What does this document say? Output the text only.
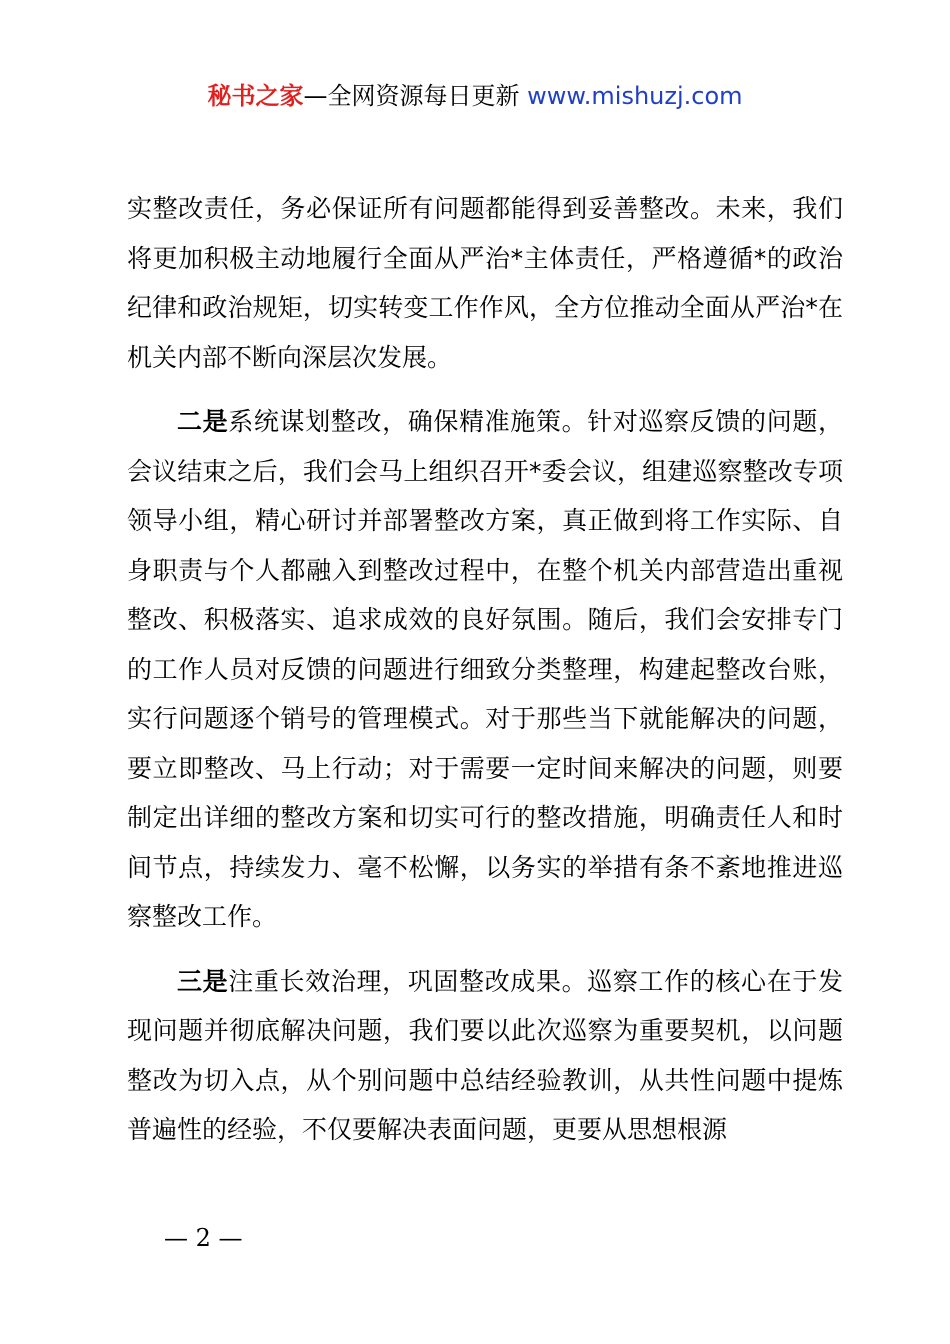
秘书之家—全网资源每日更新 www.mishuzj.com

实整改责任，务必保证所有问题都能得到妥善整改。未来，我们将更加积极主动地履行全面从严治*主体责任，严格遵循*的政治纪律和政治规矩，切实转变工作作风，全方位推动全面从严治*在机关内部不断向深层次发展。

二是系统谋划整改，确保精准施策。针对巡察反馈的问题，会议结束之后，我们会马上组织召开*委会议，组建巡察整改专项领导小组，精心研讨并部署整改方案，真正做到将工作实际、自身职责与个人都融入到整改过程中，在整个机关内部营造出重视整改、积极落实、追求成效的良好氛围。随后，我们会安排专门的工作人员对反馈的问题进行细致分类整理，构建起整改台账，实行问题逐个销号的管理模式。对于那些当下就能解决的问题，要立即整改、马上行动；对于需要一定时间来解决的问题，则要制定出详细的整改方案和切实可行的整改措施，明确责任人和时间节点，持续发力、毫不松懈，以务实的举措有条不紊地推进巡察整改工作。

三是注重长效治理，巩固整改成果。巡察工作的核心在于发现问题并彻底解决问题，我们要以此次巡察为重要契机，以问题整改为切入点，从个别问题中总结经验教训，从共性问题中提炼普遍性的经验，不仅要解决表面问题，更要从思想根源

— 2 —
